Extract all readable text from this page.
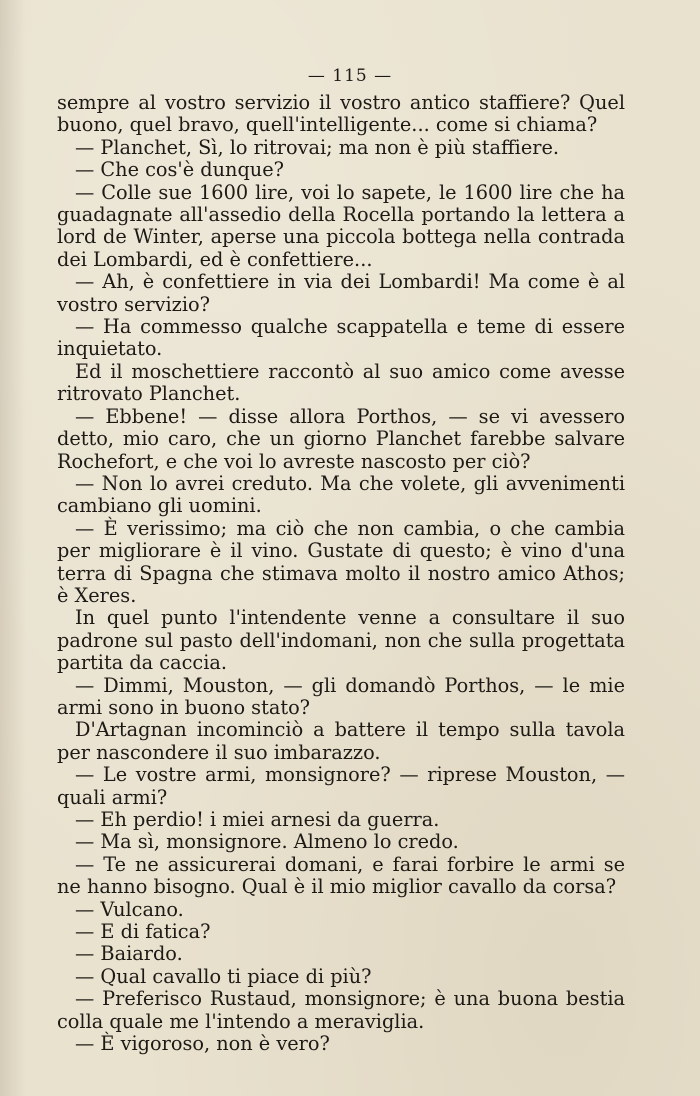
— 115 —

sempre al vostro servizio il vostro antico staffiere? Quel buono, quel bravo, quell'intelligente... come si chiama?

— Planchet, Sì, lo ritrovai; ma non è più staffiere.

— Che cos'è dunque?

— Colle sue 1600 lire, voi lo sapete, le 1600 lire che ha guadagnate all'assedio della Rocella portando la lettera a lord de Winter, aperse una piccola bottega nella contrada dei Lombardi, ed è confettiere...

— Ah, è confettiere in via dei Lombardi! Ma come è al vostro servizio?

— Ha commesso qualche scappatella e teme di essere inquietato.

Ed il moschettiere raccontò al suo amico come avesse ritrovato Planchet.

— Ebbene! — disse allora Porthos, — se vi avessero detto, mio caro, che un giorno Planchet farebbe salvare Rochefort, e che voi lo avreste nascosto per ciò?

— Non lo avrei creduto. Ma che volete, gli avvenimenti cambiano gli uomini.

— È verissimo; ma ciò che non cambia, o che cambia per migliorare è il vino. Gustate di questo; è vino d'una terra di Spagna che stimava molto il nostro amico Athos; è Xeres.

In quel punto l'intendente venne a consultare il suo padrone sul pasto dell'indomani, non che sulla progettata partita da caccia.

— Dimmi, Mouston, — gli domandò Porthos, — le mie armi sono in buono stato?

D'Artagnan incominciò a battere il tempo sulla tavola per nascondere il suo imbarazzo.

— Le vostre armi, monsignore? — riprese Mouston, — quali armi?

— Eh perdio! i miei arnesi da guerra.

— Ma sì, monsignore. Almeno lo credo.

— Te ne assicurerai domani, e farai forbire le armi se ne hanno bisogno. Qual è il mio miglior cavallo da corsa?

— Vulcano.

— E di fatica?

— Baiardo.

— Qual cavallo ti piace di più?

— Preferisco Rustaud, monsignore; è una buona bestia colla quale me l'intendo a meraviglia.

— È vigoroso, non è vero?
